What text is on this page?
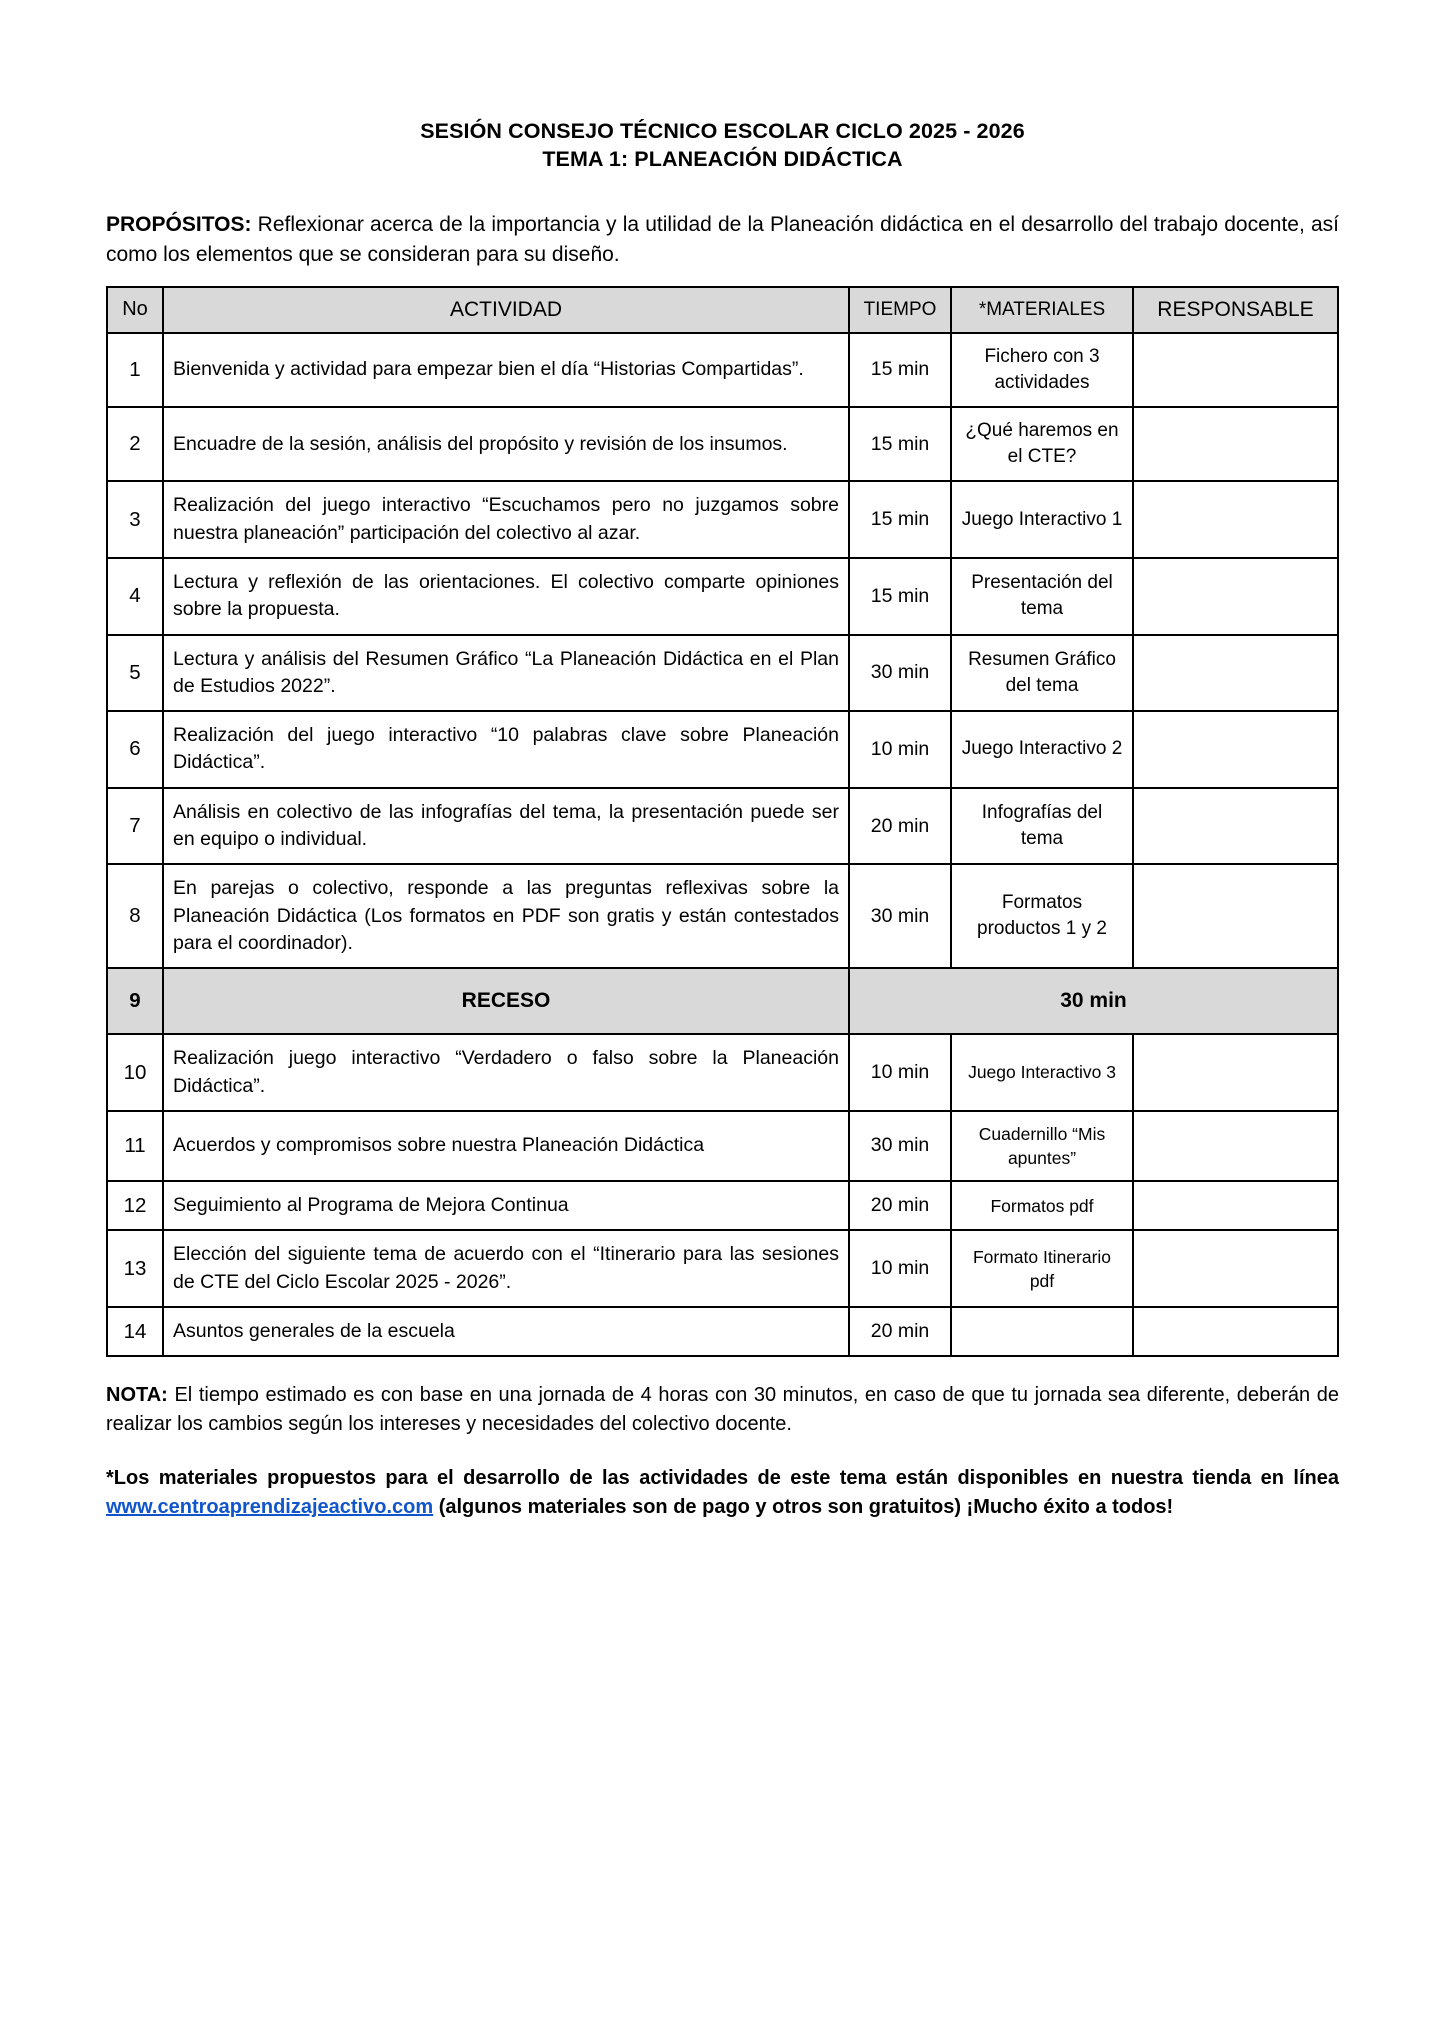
SESIÓN CONSEJO TÉCNICO ESCOLAR CICLO 2025 - 2026
TEMA 1: PLANEACIÓN DIDÁCTICA

PROPÓSITOS: Reflexionar acerca de la importancia y la utilidad de la Planeación didáctica en el desarrollo del trabajo docente, así como los elementos que se consideran para su diseño.

No	ACTIVIDAD	TIEMPO	*MATERIALES	RESPONSABLE
1	Bienvenida y actividad para empezar bien el día “Historias Compartidas”.	15 min	Fichero con 3 actividades	
2	Encuadre de la sesión, análisis del propósito y revisión de los insumos.	15 min	¿Qué haremos en el CTE?	
3	Realización del juego interactivo “Escuchamos pero no juzgamos sobre nuestra planeación” participación del colectivo al azar.	15 min	Juego Interactivo 1	
4	Lectura y reflexión de las orientaciones. El colectivo comparte opiniones sobre la propuesta.	15 min	Presentación del tema	
5	Lectura y análisis del Resumen Gráfico “La Planeación Didáctica en el Plan de Estudios 2022”.	30 min	Resumen Gráfico del tema	
6	Realización del juego interactivo “10 palabras clave sobre Planeación Didáctica”.	10 min	Juego Interactivo 2	
7	Análisis en colectivo de las infografías del tema, la presentación puede ser en equipo o individual.	20 min	Infografías del tema	
8	En parejas o colectivo, responde a las preguntas reflexivas sobre la Planeación Didáctica (Los formatos en PDF son gratis y están contestados para el coordinador).	30 min	Formatos productos 1 y 2	
9	RECESO	30 min		
10	Realización juego interactivo “Verdadero o falso sobre la Planeación Didáctica”.	10 min	Juego Interactivo 3	
11	Acuerdos y compromisos sobre nuestra Planeación Didáctica	30 min	Cuadernillo “Mis apuntes”	
12	Seguimiento al Programa de Mejora Continua	20 min	Formatos pdf	
13	Elección del siguiente tema de acuerdo con el “Itinerario para las sesiones de CTE del Ciclo Escolar 2025 - 2026”.	10 min	Formato Itinerario pdf	
14	Asuntos generales de la escuela	20 min		

NOTA: El tiempo estimado es con base en una jornada de 4 horas con 30 minutos, en caso de que tu jornada sea diferente, deberán de realizar los cambios según los intereses y necesidades del colectivo docente.

*Los materiales propuestos para el desarrollo de las actividades de este tema están disponibles en nuestra tienda en línea www.centroaprendizajeactivo.com (algunos materiales son de pago y otros son gratuitos) ¡Mucho éxito a todos!
